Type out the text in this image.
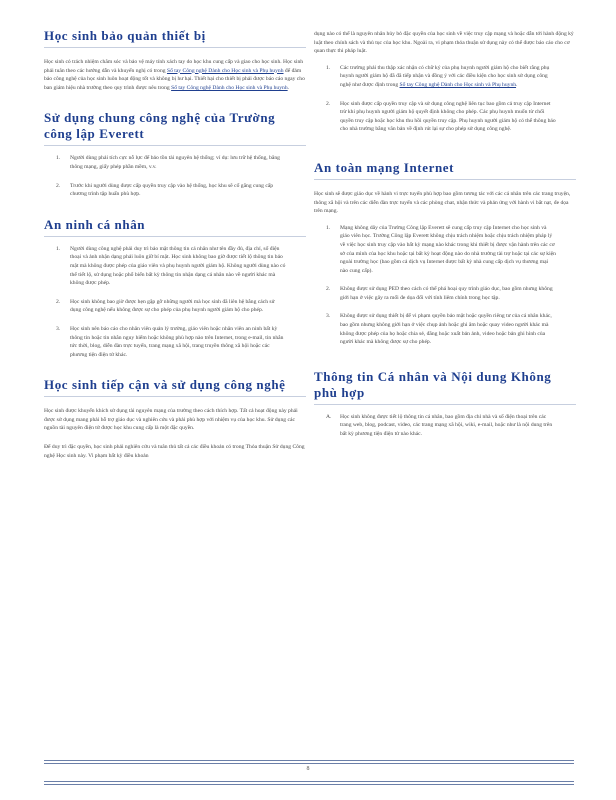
Học sinh bảo quản thiết bị

Học sinh có trách nhiệm chăm sóc và bảo vệ máy tính xách tay do học khu cung cấp và giao cho học sinh. Học sinh phải tuân theo các hướng dẫn và khuyến nghị có trong Sổ tay Công nghệ Dành cho Học sinh và Phụ huynh để đảm bảo công nghệ của học sinh luôn hoạt động tốt và không bị hư hại. Thiết hại cho thiết bị phải được báo cáo ngay cho ban giám hiệu nhà trường theo quy trình được nêu trong Sổ tay Công nghệ Dành cho Học sinh và Phụ huynh.

Sử dụng chung công nghệ của Trường công lập Everett
1. Người dùng phải tích cực nỗ lực để bảo tồn tài nguyên hệ thống; ví dụ: lưu trữ hệ thống, băng thông mạng, giấy phép phần mềm, v.v.
2. Trước khi người dùng được cấp quyền truy cập vào hệ thống, học khu sẽ cố gắng cung cấp chương trình tập huấn phù hợp.
An ninh cá nhân
1. Người dùng công nghệ phải duy trì bảo mật thông tin cá nhân như tên đầy đủ, địa chỉ, số điện thoại và ảnh nhận dạng phải luôn giữ bí mật. Học sinh không bao giờ được tiết lộ thông tin bảo mật mà không được phép của giáo viên và phụ huynh người giám hộ. Không người dùng nào có thể tiết lộ, sử dụng hoặc phổ biến bất kỳ thông tin nhận dạng cá nhân nào về người khác mà không được phép.
2. Học sinh không bao giờ được hẹn gặp gỡ những người mà học sinh đã liên hệ bằng cách sử dụng công nghệ nếu không được sự cho phép của phụ huynh người giám hộ cho phép.
3. Học sinh nên báo cáo cho nhân viên quản lý trường, giáo viên hoặc nhân viên an ninh bất kỳ thông tin hoặc tin nhắn nguy hiểm hoặc không phù hợp nào trên Internet, trong e-mail, tin nhắn tức thời, blog, diễn đàn trực tuyến, trang mạng xã hội, trang truyền thông xã hội hoặc các phương tiện điện tử khác.
Học sinh tiếp cận và sử dụng công nghệ

Học sinh được khuyến khích sử dụng tài nguyên mạng của trường theo cách thích hợp. Tất cả hoạt động này phải được sử dụng mang phải hỗ trợ giáo dục và nghiên cứu và phải phù hợp với nhiệm vụ của học khu. Sử dụng các nguồn tài nguyên điện tử được học khu cung cấp là một đặc quyền.

Để duy trì đặc quyền, học sinh phải nghiên cứu và tuân thủ tất cả các điều khoản có trong Thỏa thuận Sử dụng Công nghệ Học sinh này. Vi phạm bất kỳ điều khoản

dụng nào có thể là nguyên nhân hủy bỏ đặc quyền của học sinh về việc truy cập mạng và hoặc dẫn tới hành động kỷ luật theo chính sách và thủ tục của học khu. Ngoài ra, vi phạm thỏa thuận sử dụng này có thể được báo cáo cho cơ quan thực thi pháp luật.

1. Các trường phải thu thập xác nhận có chữ ký của phụ huynh người giám hộ cho biết rằng phụ huynh người giám hộ đã đã tiếp nhận và đồng ý với các điều kiện cho học sinh sử dụng công nghệ như được định trong Sổ tay Công nghệ Dành cho Học sinh và Phụ huynh.
2. Học sinh được cấp quyền truy cập và sử dụng công nghệ liên tục bao gồm cả truy cập Internet trừ khi phụ huynh người giám hộ quyết định không cho phép. Các phụ huynh muốn từ chối quyền truy cập hoặc học khu thu hồi quyền truy cập. Phụ huynh người giám hộ có thể thông báo cho nhà trường bằng văn bản về định rút lại sự cho phép sử dụng công nghệ.
An toàn mạng Internet

Học sinh sẽ được giáo dục về hành vi trực tuyến phù hợp bao gồm tương tác với các cá nhân trên các trang truyện, thông xã hội và trên các diễn đàn trực tuyến và các phòng chat, nhận thức và phản ứng với hành vi bắt nạt, đe dọa trên mạng.

1. Mạng không dây của Trường Công lập Everett sẽ cung cấp truy cập Internet cho học sinh và giáo viên học. Trường Công lập Everett không chịu trách nhiệm hoặc chịu trách nhiệm pháp lý về việc học sinh truy cập vào bất kỳ mạng nào khác trong khi thiết bị được vận hành trên các cơ sở của mình của học khu hoặc tại bất kỳ hoạt động nào do nhà trường tài trợ hoặc tại các sự kiện ngoài trường học (bao gồm cả dịch vụ Internet được bất kỳ nhà cung cấp dịch vụ thương mại nào cung cấp).
2. Không được sử dụng PED theo cách có thể phá hoại quy trình giáo dục, bao gồm nhưng không giới hạn ở việc gây ra mối đe dọa đối với tính liêm chính trong học tập.
3. Không được sử dụng thiết bị để vi phạm quyền bảo mật hoặc quyền riêng tư của cá nhân khác, bao gồm nhưng không giới hạn ở việc chụp ảnh hoặc ghi âm hoặc quay video người khác mà không được phép của họ hoặc chia sẻ, đăng hoặc xuất bản ảnh, video hoặc bản ghi hình của người khác mà không được sự cho phép.
Thông tin Cá nhân và Nội dung Không phù hợp
A. Học sinh không được tiết lộ thông tin cá nhân, bao gồm địa chỉ nhà và số điện thoại trên các trang web, blog, podcast, video, các trang mạng xã hội, wiki, e-mail, hoặc như là nội dung trên bất kỳ phương tiện điện tử nào khác.
8
